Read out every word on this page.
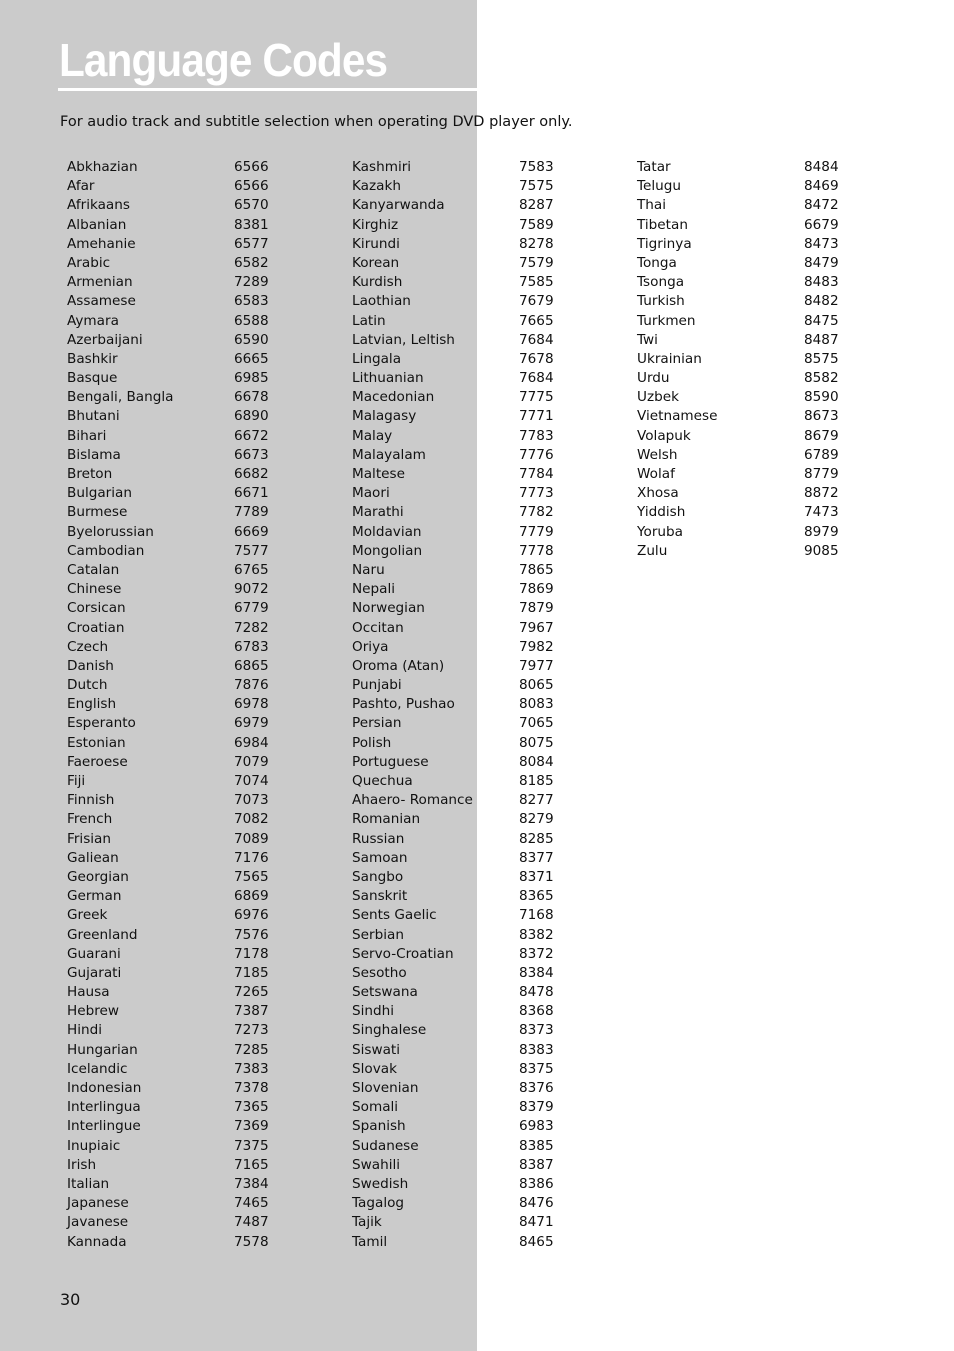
Language Codes
For audio track and subtitle selection when operating DVD player only.
Abkhazian	6566
Afar	6566
Afrikaans	6570
Albanian	8381
Amehanie	6577
Arabic	6582
Armenian	7289
Assamese	6583
Aymara	6588
Azerbaijani	6590
Bashkir	6665
Basque	6985
Bengali, Bangla	6678
Bhutani	6890
Bihari	6672
Bislama	6673
Breton	6682
Bulgarian	6671
Burmese	7789
Byelorussian	6669
Cambodian	7577
Catalan	6765
Chinese	9072
Corsican	6779
Croatian	7282
Czech	6783
Danish	6865
Dutch	7876
English	6978
Esperanto	6979
Estonian	6984
Faeroese	7079
Fiji	7074
Finnish	7073
French	7082
Frisian	7089
Galiean	7176
Georgian	7565
German	6869
Greek	6976
Greenland	7576
Guarani	7178
Gujarati	7185
Hausa	7265
Hebrew	7387
Hindi	7273
Hungarian	7285
Icelandic	7383
Indonesian	7378
Interlingua	7365
Interlingue	7369
Inupiaic	7375
Irish	7165
Italian	7384
Japanese	7465
Javanese	7487
Kannada	7578
Kashmiri	7583
Kazakh	7575
Kanyarwanda	8287
Kirghiz	7589
Kirundi	8278
Korean	7579
Kurdish	7585
Laothian	7679
Latin	7665
Latvian, Leltish	7684
Lingala	7678
Lithuanian	7684
Macedonian	7775
Malagasy	7771
Malay	7783
Malayalam	7776
Maltese	7784
Maori	7773
Marathi	7782
Moldavian	7779
Mongolian	7778
Naru	7865
Nepali	7869
Norwegian	7879
Occitan	7967
Oriya	7982
Oroma (Atan)	7977
Punjabi	8065
Pashto, Pushao	8083
Persian	7065
Polish	8075
Portuguese	8084
Quechua	8185
Ahaero- Romance	8277
Romanian	8279
Russian	8285
Samoan	8377
Sangbo	8371
Sanskrit	8365
Sents Gaelic	7168
Serbian	8382
Servo-Croatian	8372
Sesotho	8384
Setswana	8478
Sindhi	8368
Singhalese	8373
Siswati	8383
Slovak	8375
Slovenian	8376
Somali	8379
Spanish	6983
Sudanese	8385
Swahili	8387
Swedish	8386
Tagalog	8476
Tajik	8471
Tamil	8465
Tatar	8484
Telugu	8469
Thai	8472
Tibetan	6679
Tigrinya	8473
Tonga	8479
Tsonga	8483
Turkish	8482
Turkmen	8475
Twi	8487
Ukrainian	8575
Urdu	8582
Uzbek	8590
Vietnamese	8673
Volapuk	8679
Welsh	6789
Wolaf	8779
Xhosa	8872
Yiddish	7473
Yoruba	8979
Zulu	9085
30
